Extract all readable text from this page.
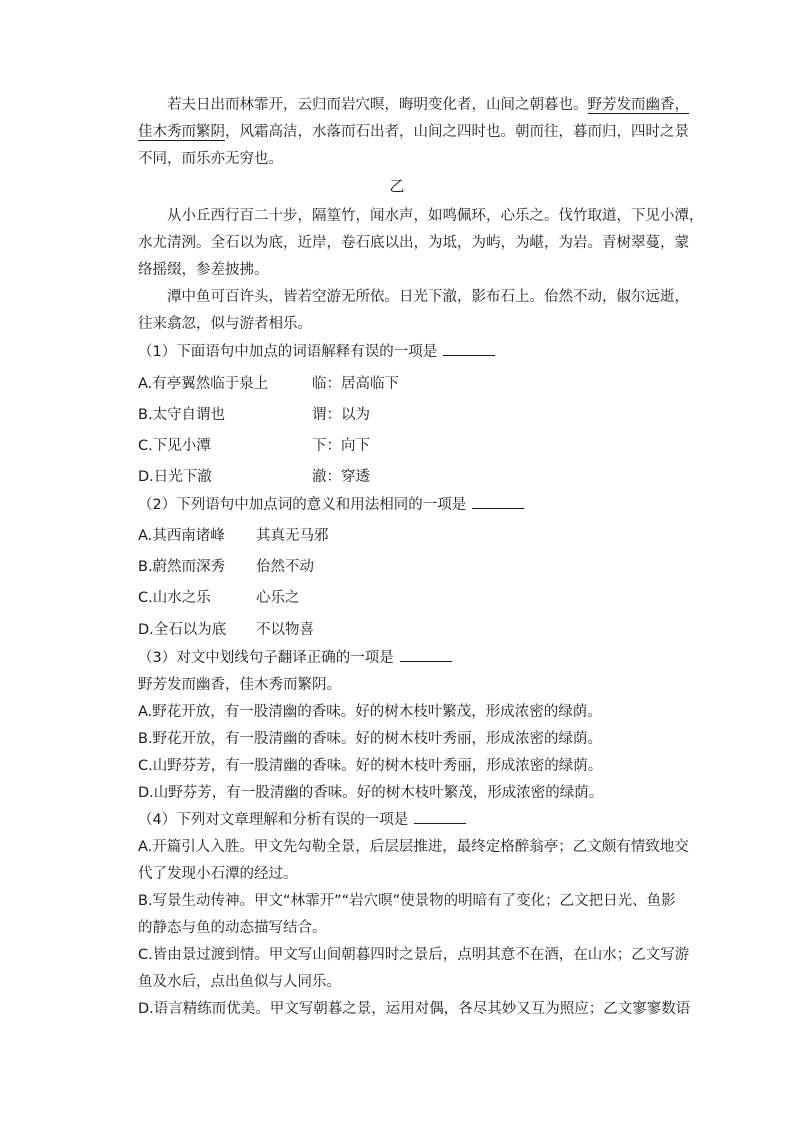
若夫日出而林霏开，云归而岩穴暝，晦明变化者，山间之朝暮也。野芳发而幽香，

佳木秀而繁阴，风霜高洁，水落而石出者，山间之四时也。朝而往，暮而归，四时之景

不同，而乐亦无穷也。

乙

从小丘西行百二十步，隔篁竹，闻水声，如鸣佩环，心乐之。伐竹取道，下见小潭，

水尤清洌。全石以为底，近岸，卷石底以出，为坻，为屿，为嵁，为岩。青树翠蔓，蒙

络摇缀，参差披拂。

潭中鱼可百许头，皆若空游无所依。日光下澈，影布石上。佁然不动，俶尔远逝，

往来翕忽，似与游者相乐。

（1）下面语句中加点的词语解释有误的一项是

A.有亭翼然临于泉上	临：居高临下
B.太守自谓也	谓：以为
C.下见小潭	下：向下
D.日光下澈	澈：穿透

（2）下列语句中加点词的意义和用法相同的一项是

A.其西南诸峰 其真无马邪
B.蔚然而深秀 佁然不动
C.山水之乐	心乐之
D.全石以为底 不以物喜

（3）对文中划线句子翻译正确的一项是

野芳发而幽香，佳木秀而繁阴。

A.野花开放，有一股清幽的香味。好的树木枝叶繁茂，形成浓密的绿荫。

B.野花开放，有一股清幽的香味。好的树木枝叶秀丽，形成浓密的绿荫。

C.山野芬芳，有一股清幽的香味。好的树木枝叶秀丽，形成浓密的绿荫。

D.山野芬芳，有一股清幽的香味。好的树木枝叶繁茂，形成浓密的绿荫。

（4）下列对文章理解和分析有误的一项是

A.开篇引人入胜。甲文先勾勒全景，后层层推进，最终定格醉翁亭；乙文颇有情致地交

代了发现小石潭的经过。

B.写景生动传神。甲文“林霏开”“岩穴暝”使景物的明暗有了变化；乙文把日光、鱼影

的静态与鱼的动态描写结合。

C.皆由景过渡到情。甲文写山间朝暮四时之景后，点明其意不在酒，在山水；乙文写游

鱼及水后，点出鱼似与人同乐。

D.语言精练而优美。甲文写朝暮之景，运用对偶，各尽其妙又互为照应；乙文寥寥数语
